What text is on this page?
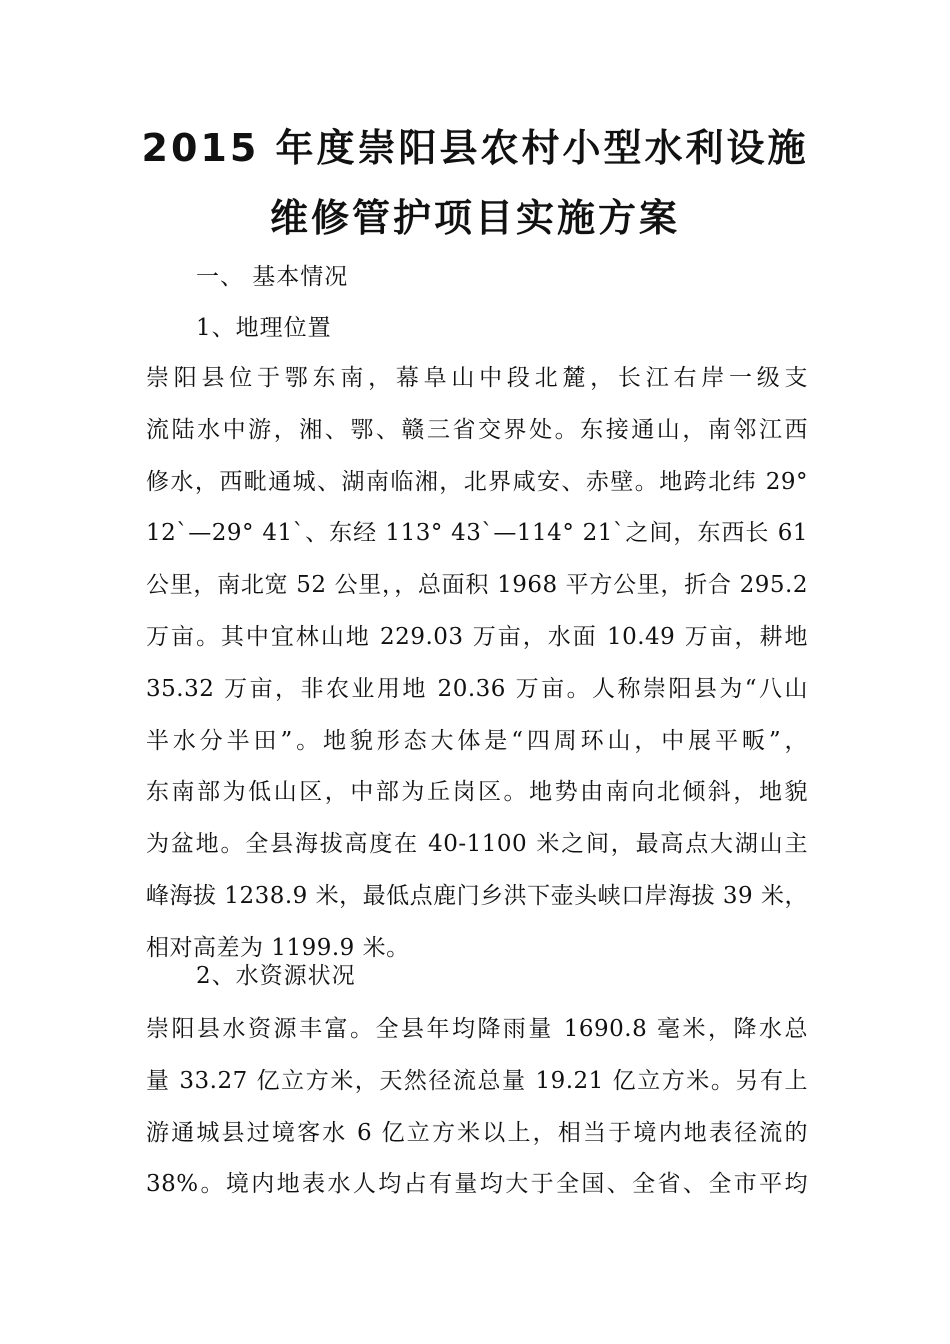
2015 年度崇阳县农村小型水利设施
维修管护项目实施方案
一、 基本情况
1、地理位置
崇阳县位于鄂东南，幕阜山中段北麓，长江右岸一级支
流陆水中游，湘、鄂、赣三省交界处。东接通山，南邻江西
修水，西毗通城、湖南临湘，北界咸安、赤壁。地跨北纬 29°
12`—29° 41`、东经 113° 43`—114° 21`之间，东西长 61
公里，南北宽 52 公里，，总面积 1968 平方公里，折合 295.2
万亩。其中宜林山地 229.03 万亩，水面 10.49 万亩，耕地
35.32 万亩，非农业用地 20.36 万亩。人称崇阳县为“八山
半水分半田”。地貌形态大体是“四周环山，中展平畈”，
东南部为低山区，中部为丘岗区。地势由南向北倾斜，地貌
为盆地。全县海拔高度在 40-1100 米之间，最高点大湖山主
峰海拔 1238.9 米，最低点鹿门乡洪下壶头峡口岸海拔 39 米，
相对高差为 1199.9 米。
2、水资源状况
崇阳县水资源丰富。全县年均降雨量 1690.8 毫米，降水总
量 33.27 亿立方米，天然径流总量 19.21 亿立方米。另有上
游通城县过境客水 6 亿立方米以上，相当于境内地表径流的
38%。境内地表水人均占有量均大于全国、全省、全市平均
